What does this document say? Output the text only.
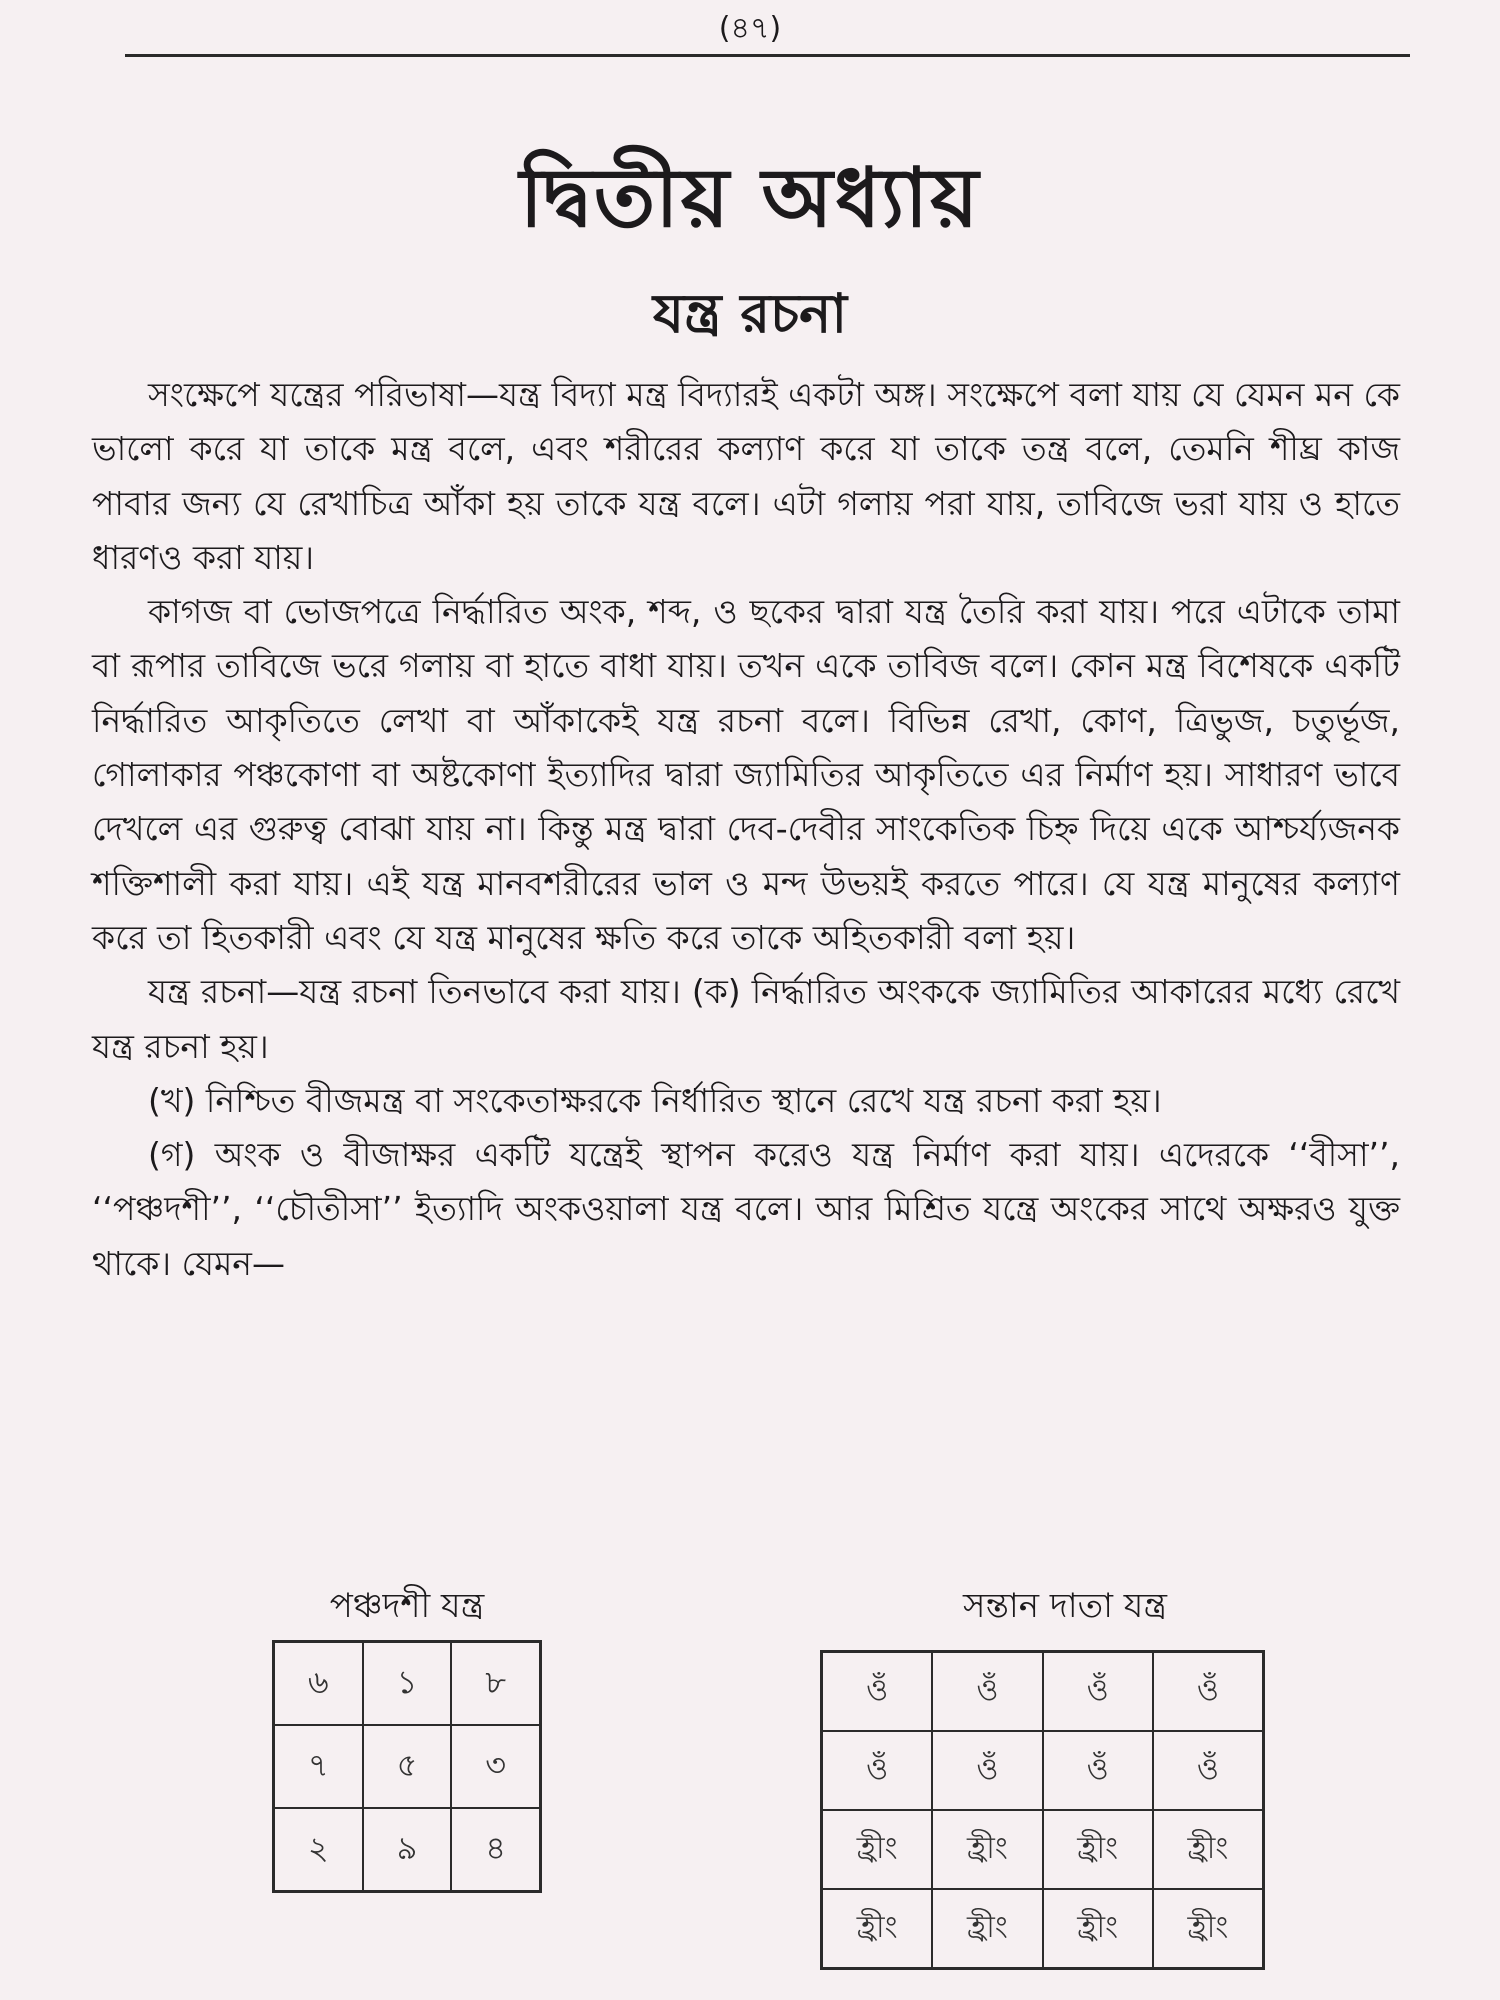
(৪৭)
দ্বিতীয় অধ্যায়
যন্ত্র রচনা

সংক্ষেপে যন্ত্রের পরিভাষা—যন্ত্র বিদ্যা মন্ত্র বিদ্যারই একটা অঙ্গ। সংক্ষেপে বলা যায় যে যেমন মন কে ভালো করে যা তাকে মন্ত্র বলে, এবং শরীরের কল্যাণ করে যা তাকে তন্ত্র বলে, তেমনি শীঘ্র কাজ পাবার জন্য যে রেখাচিত্র আঁকা হয় তাকে যন্ত্র বলে। এটা গলায় পরা যায়, তাবিজে ভরা যায় ও হাতে ধারণও করা যায়।

কাগজ বা ভোজপত্রে নির্দ্ধারিত অংক, শব্দ, ও ছকের দ্বারা যন্ত্র তৈরি করা যায়। পরে এটাকে তামা বা রূপার তাবিজে ভরে গলায় বা হাতে বাধা যায়। তখন একে তাবিজ বলে। কোন মন্ত্র বিশেষকে একটি নির্দ্ধারিত আকৃতিতে লেখা বা আঁকাকেই যন্ত্র রচনা বলে। বিভিন্ন রেখা, কোণ, ত্রিভুজ, চতুর্ভূজ, গোলাকার পঞ্চকোণা বা অষ্টকোণা ইত্যাদির দ্বারা জ্যামিতির আকৃতিতে এর নির্মাণ হয়। সাধারণ ভাবে দেখলে এর গুরুত্ব বোঝা যায় না। কিন্তু মন্ত্র দ্বারা দেব-দেবীর সাংকেতিক চিহ্ন দিয়ে একে আশ্চর্য্যজনক শক্তিশালী করা যায়। এই যন্ত্র মানবশরীরের ভাল ও মন্দ উভয়ই করতে পারে। যে যন্ত্র মানুষের কল্যাণ করে তা হিতকারী এবং যে যন্ত্র মানুষের ক্ষতি করে তাকে অহিতকারী বলা হয়।

যন্ত্র রচনা—যন্ত্র রচনা তিনভাবে করা যায়। (ক) নির্দ্ধারিত অংককে জ্যামিতির আকারের মধ্যে রেখে যন্ত্র রচনা হয়।

(খ) নিশ্চিত বীজমন্ত্র বা সংকেতাক্ষরকে নির্ধারিত স্থানে রেখে যন্ত্র রচনা করা হয়।

(গ) অংক ও বীজাক্ষর একটি যন্ত্রেই স্থাপন করেও যন্ত্র নির্মাণ করা যায়। এদেরকে ‘‘বীসা’’, ‘‘পঞ্চদশী’’, ‘‘চৌতীসা’’ ইত্যাদি অংকওয়ালা যন্ত্র বলে। আর মিশ্রিত যন্ত্রে অংকের সাথে অক্ষরও যুক্ত থাকে। যেমন—

পঞ্চদশী যন্ত্র
৬	১	৮
৭	৫	৩
২	৯	৪
সন্তান দাতা যন্ত্র
ওঁ	ওঁ	ওঁ	ওঁ
ওঁ	ওঁ	ওঁ	ওঁ
হ্রীং	হ্রীং	হ্রীং	হ্রীং
হ্রীং	হ্রীং	হ্রীং	হ্রীং
